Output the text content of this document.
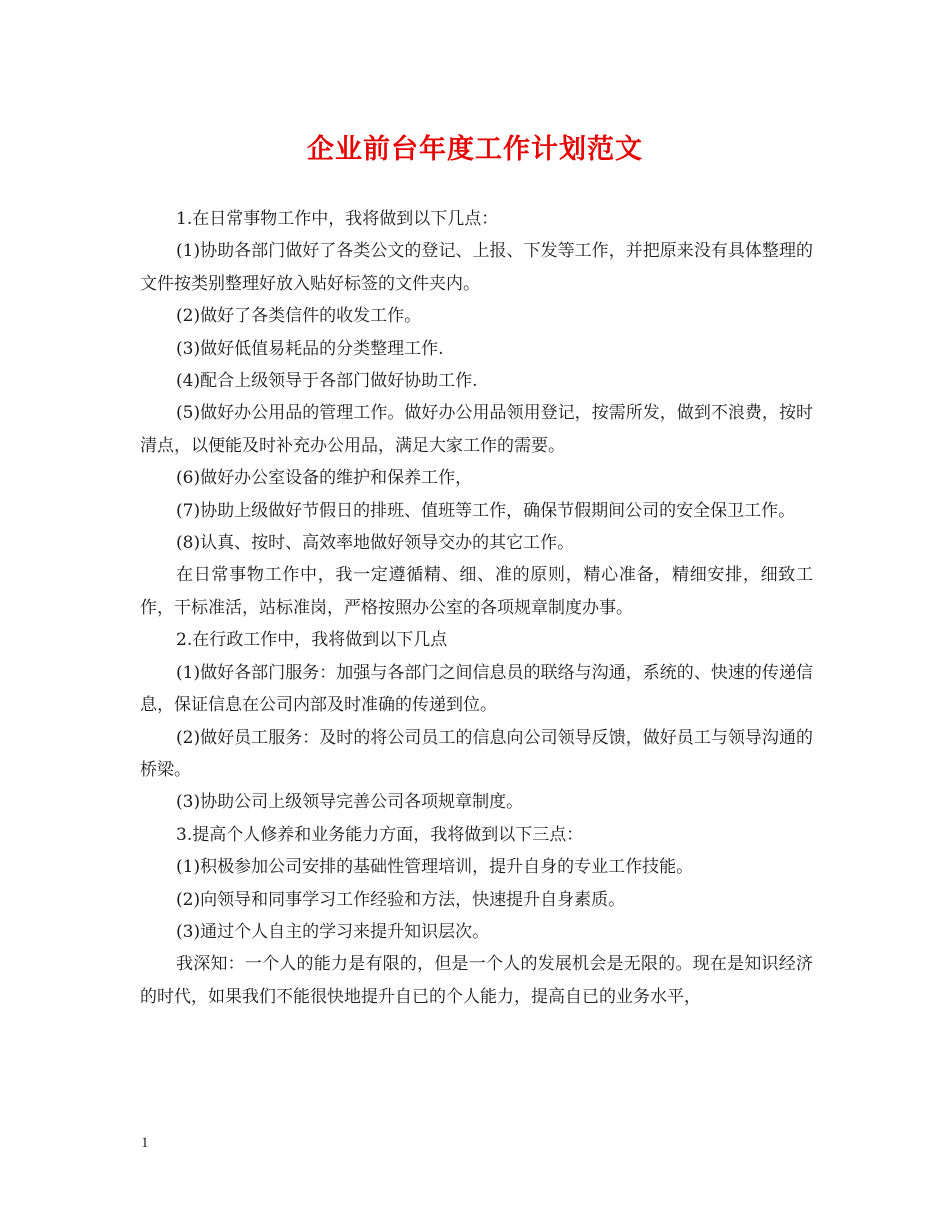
企业前台年度工作计划范文

1.在日常事物工作中，我将做到以下几点：

(1)协助各部门做好了各类公文的登记、上报、下发等工作，并把原来没有具体整理的文件按类别整理好放入贴好标签的文件夹内。

(2)做好了各类信件的收发工作。

(3)做好低值易耗品的分类整理工作.

(4)配合上级领导于各部门做好协助工作.

(5)做好办公用品的管理工作。做好办公用品领用登记，按需所发，做到不浪费，按时清点，以便能及时补充办公用品，满足大家工作的需要。

(6)做好办公室设备的维护和保养工作，

(7)协助上级做好节假日的排班、值班等工作，确保节假期间公司的安全保卫工作。

(8)认真、按时、高效率地做好领导交办的其它工作。

在日常事物工作中，我一定遵循精、细、准的原则，精心准备，精细安排，细致工作，干标准活，站标准岗，严格按照办公室的各项规章制度办事。

2.在行政工作中，我将做到以下几点

(1)做好各部门服务：加强与各部门之间信息员的联络与沟通，系统的、快速的传递信息，保证信息在公司内部及时准确的传递到位。

(2)做好员工服务：及时的将公司员工的信息向公司领导反馈，做好员工与领导沟通的桥梁。

(3)协助公司上级领导完善公司各项规章制度。

3.提高个人修养和业务能力方面，我将做到以下三点：

(1)积极参加公司安排的基础性管理培训，提升自身的专业工作技能。

(2)向领导和同事学习工作经验和方法，快速提升自身素质。

(3)通过个人自主的学习来提升知识层次。

我深知：一个人的能力是有限的，但是一个人的发展机会是无限的。现在是知识经济的时代，如果我们不能很快地提升自已的个人能力，提高自已的业务水平，

1
